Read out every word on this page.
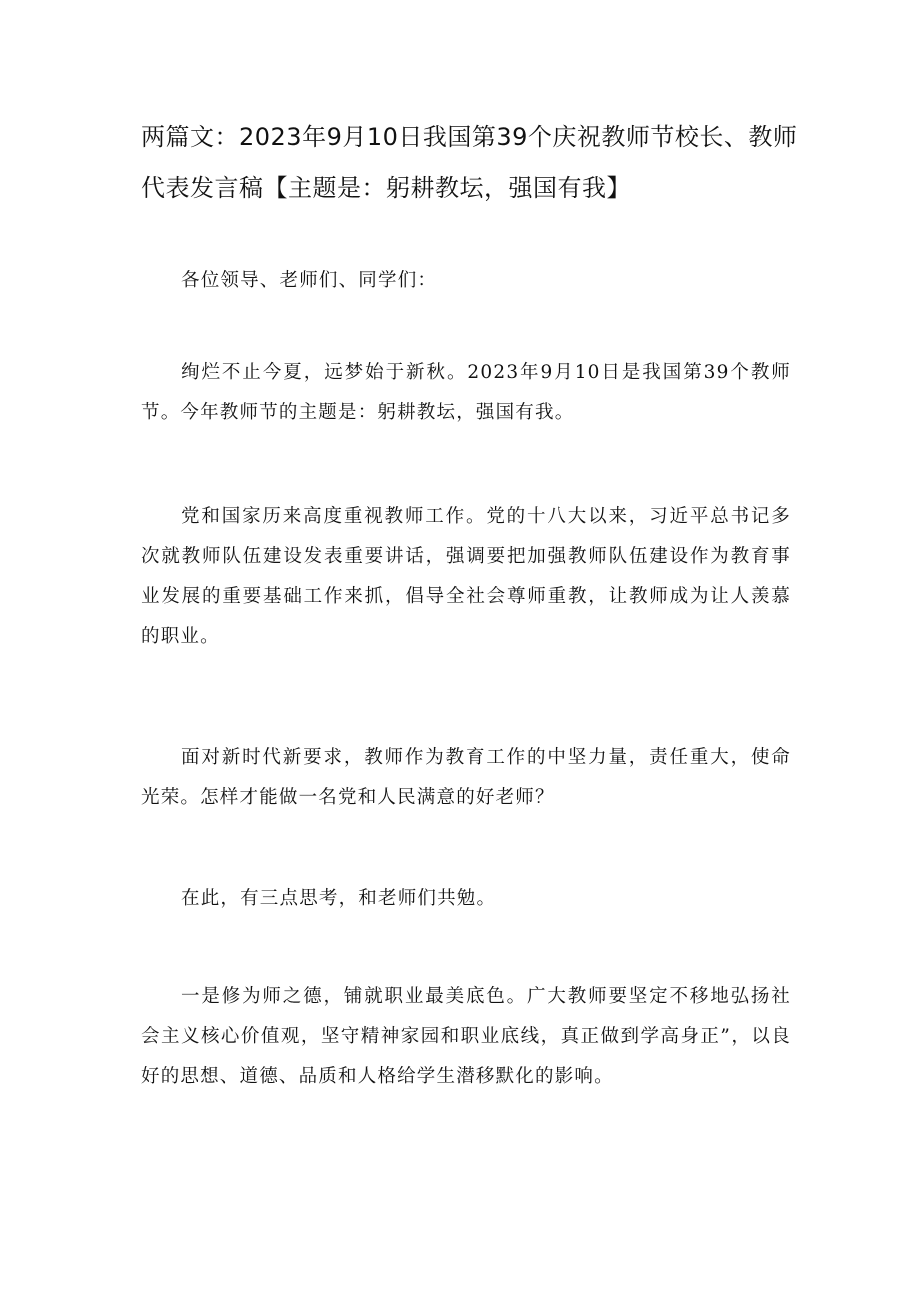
两篇文：2023年9月10日我国第39个庆祝教师节校长、教师代表发言稿【主题是：躬耕教坛，强国有我】

各位领导、老师们、同学们：

绚烂不止今夏，远梦始于新秋。2023年9月10日是我国第39个教师节。今年教师节的主题是：躬耕教坛，强国有我。

党和国家历来高度重视教师工作。党的十八大以来，习近平总书记多次就教师队伍建设发表重要讲话，强调要把加强教师队伍建设作为教育事业发展的重要基础工作来抓，倡导全社会尊师重教，让教师成为让人羡慕的职业。

面对新时代新要求，教师作为教育工作的中坚力量，责任重大，使命光荣。怎样才能做一名党和人民满意的好老师？

在此，有三点思考，和老师们共勉。

一是修为师之德，铺就职业最美底色。广大教师要坚定不移地弘扬社会主义核心价值观，坚守精神家园和职业底线，真正做到学高身正”，以良好的思想、道德、品质和人格给学生潜移默化的影响。
